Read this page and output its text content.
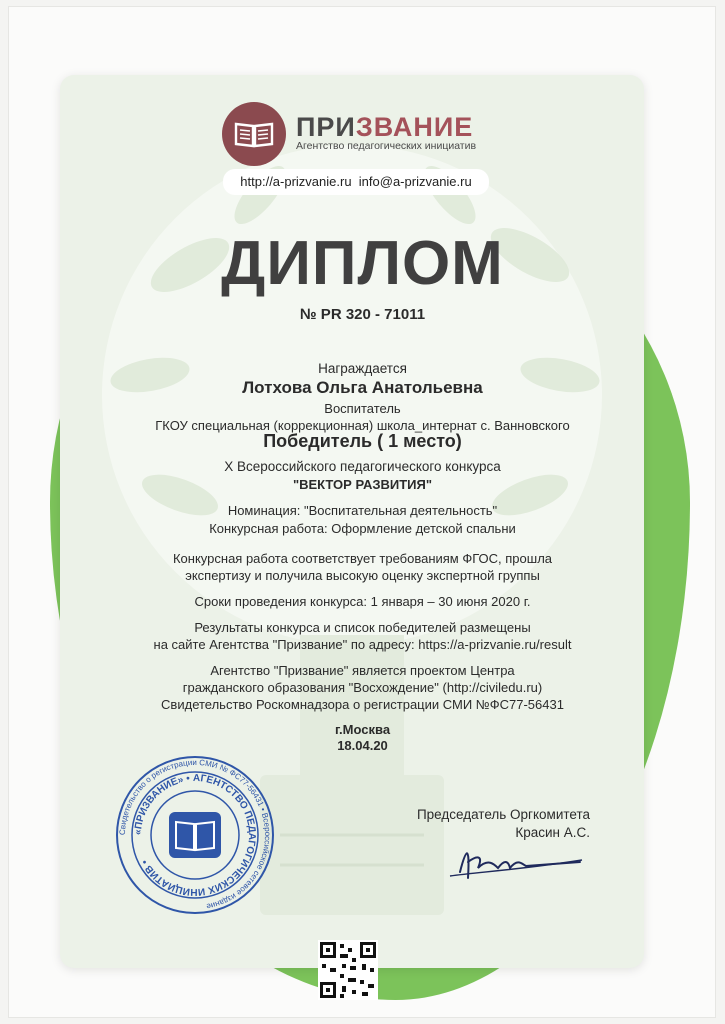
ПРИЗВАНИЕ
Агентство педагогических инициатив
http://a-prizvanie.ru info@a-prizvanie.ru
ДИПЛОМ
№ PR 320 - 71011
Награждается
Лотхова Ольга Анатольевна
Воспитатель
ГКОУ специальная (коррекционная) школа_интернат с. Ванновского
Победитель ( 1 место)
X Всероссийского педагогического конкурса
"ВЕКТОР РАЗВИТИЯ"
Номинация: "Воспитательная деятельность"
Конкурсная работа: Оформление детской спальни
Конкурсная работа соответствует требованиям ФГОС, прошла
экспертизу и получила высокую оценку экспертной группы
Сроки проведения конкурса: 1 января – 30 июня 2020 г.
Результаты конкурса и список победителей размещены
на сайте Агентства "Призвание" по адресу: https://a-prizvanie.ru/result
Агентство "Призвание" является проектом Центра
гражданского образования "Восхождение" (http://civiledu.ru)
Свидетельство Роскомнадзора о регистрации СМИ №ФС77-56431
г.Москва
18.04.20
Свидетельство о регистрации СМИ № ФС77-56431 • Всероссийское сетевое издание
«ПРИЗВАНИЕ» • АГЕНТСТВО ПЕДАГОГИЧЕСКИХ ИНИЦИАТИВ •
Председатель Оргкомитета
Красин А.С.
